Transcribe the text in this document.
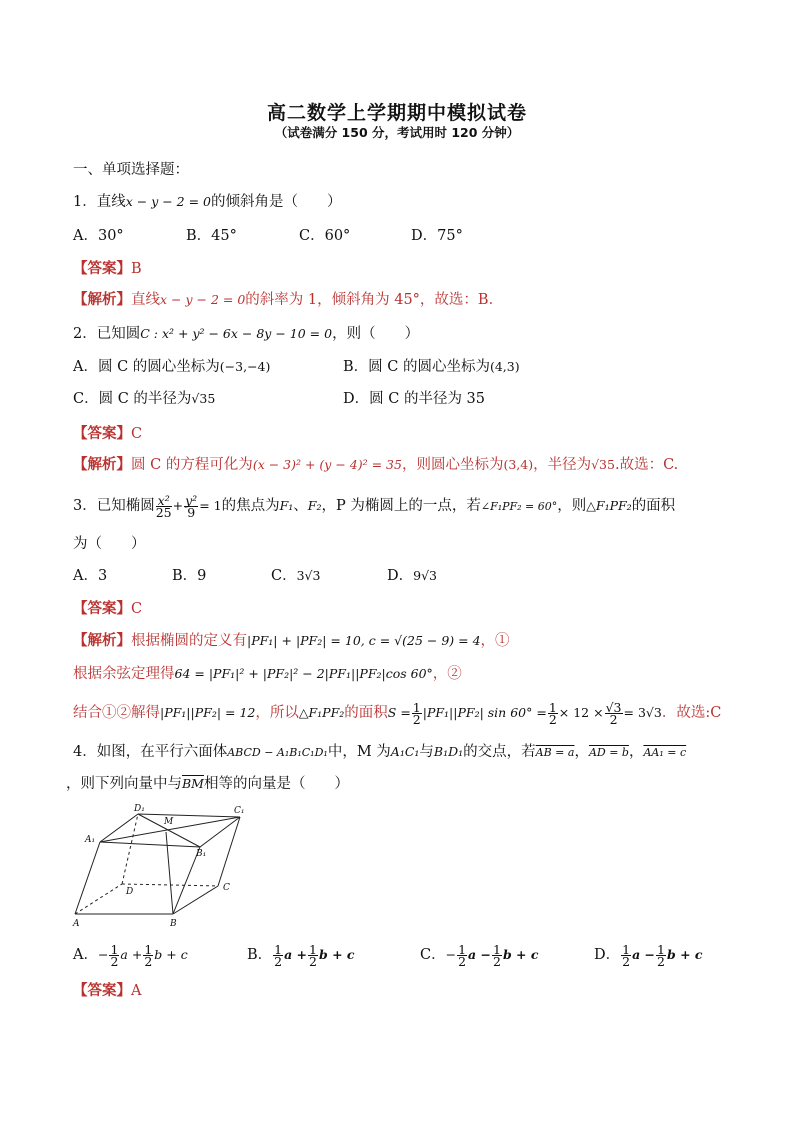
高二数学上学期期中模拟试卷
（试卷满分 150 分，考试用时 120 分钟）
一、单项选择题：
1．直线x − y − 2 = 0的倾斜角是（　　）
A．30°	B．45°	C．60°	D．75°
【答案】B
【解析】直线x − y − 2 = 0的斜率为 1，倾斜角为 45°，故选：B．
2．已知圆C : x² + y² − 6x − 8y − 10 = 0，则（　　）
A．圆 C 的圆心坐标为(−3,−4)	B．圆 C 的圆心坐标为(4,3)
C．圆 C 的半径为√35	D．圆 C 的半径为 35
【答案】C
【解析】圆 C 的方程可化为(x − 3)² + (y − 4)² = 35，则圆心坐标为(3,4)，半径为√35.故选：C.
3．已知椭圆 $\frac{\text{x²}}{25} + \frac{\text{y²}}{9} = 1$的焦点为F₁、F₂，P 为椭圆上的一点，若∠F₁PF₂ = 60°，则△F₁PF₂的面积
为（　　）
A．3	B．9	C．3√3	D．9√3
【答案】C
【解析】根据椭圆的定义有|PF₁| + |PF₂| = 10, c = √(25 − 9) = 4，①
根据余弦定理得64 = |PF₁|² + |PF₂|² − 2|PF₁||PF₂|cos 60°，②
结合①②解得|PF₁||PF₂| = 12，所以△F₁PF₂的面积$S = \frac{1}{2} |PF_1||PF_2|$ $\sin 60^\circ = \frac{1}{2} \times 12 \times \frac{√3}{2} = 3√3$．故选:C
4．如图，在平行六面体ABCD − A₁B₁C₁D₁中，M 为A₁C₁与B₁D₁的交点，若AB = a，AD = b，AA₁ = c
，则下列向量中与$\overline{BM}$相等的向量是（　　）
D₁	C₁
M
A₁
B₁
D	C
A	B
A．− $\frac{1}{2}$ $a + \frac{1}{2}$ b + c	B． $\frac{1}{2}$ $a + \frac{1}{2}$ b + c	C．− $\frac{1}{2}$ $a - \frac{1}{2}$ b + c	D． $\frac{1}{2}$ $a - \frac{1}{2}$ b + c
【答案】A
